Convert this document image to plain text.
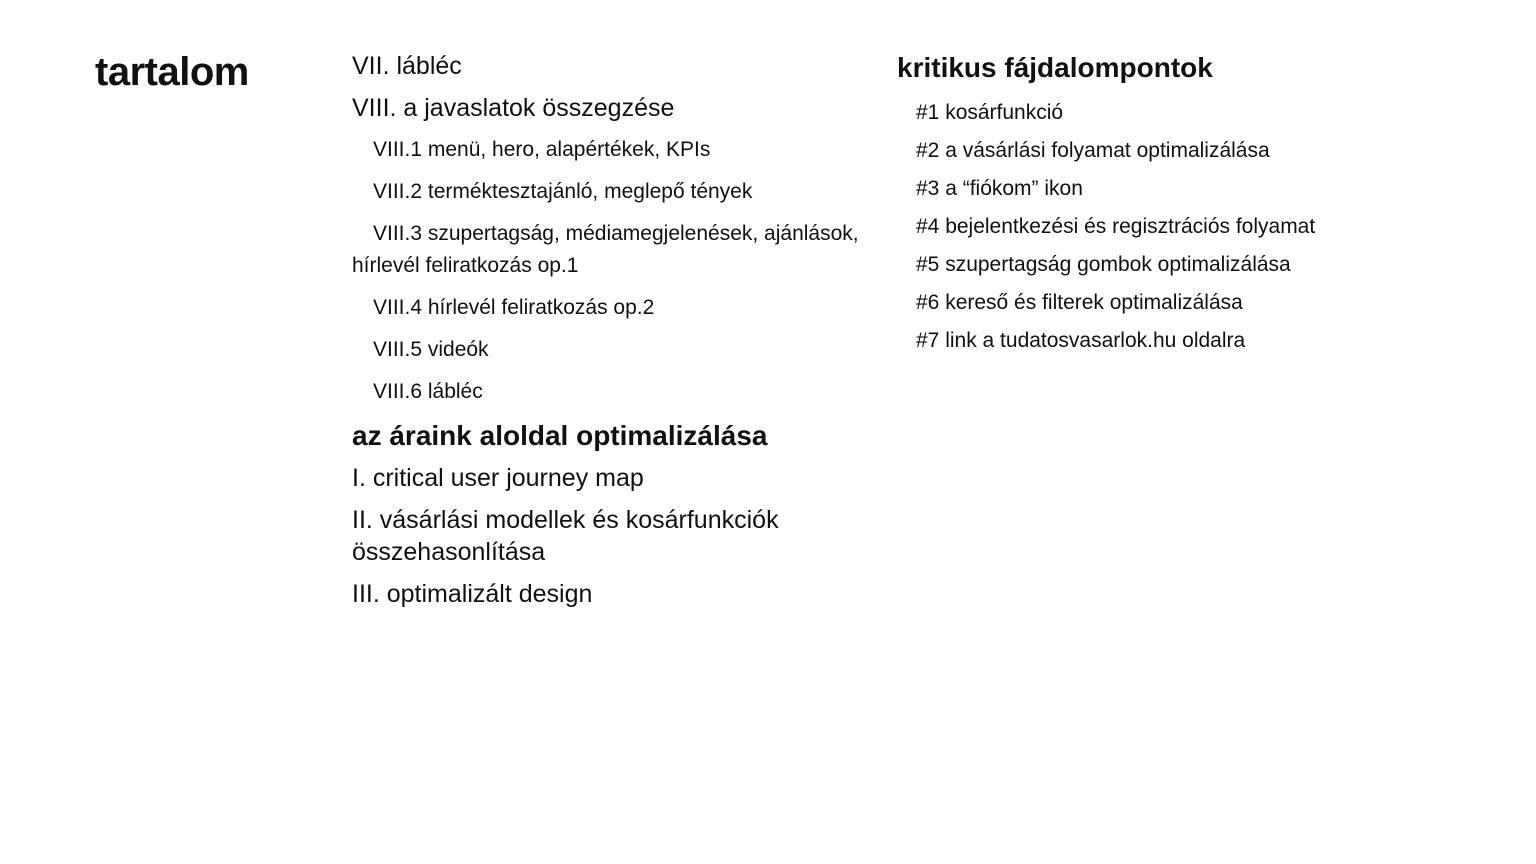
tartalom	VII. lábléc
VIII. a javaslatok összegzése
VIII.1 menü, hero, alapértékek, KPIs
VIII.2 terméktesztajánló, meglepő tények
VIII.3 szupertagság, médiamegjelenések, ajánlások, hírlevél feliratkozás op.1
VIII.4 hírlevél feliratkozás op.2
VIII.5 videók
VIII.6 lábléc
az áraink aloldal optimalizálása
I. critical user journey map
II. vásárlási modellek és kosárfunkciók összehasonlítása
III. optimalizált design
kritikus fájdalompontok
#1 kosárfunkció
#2 a vásárlási folyamat optimalizálása
#3 a “fiókom” ikon
#4 bejelentkezési és regisztrációs folyamat
#5 szupertagság gombok optimalizálása
#6 kereső és filterek optimalizálása
#7 link a tudatosvasarlok.hu oldalra
